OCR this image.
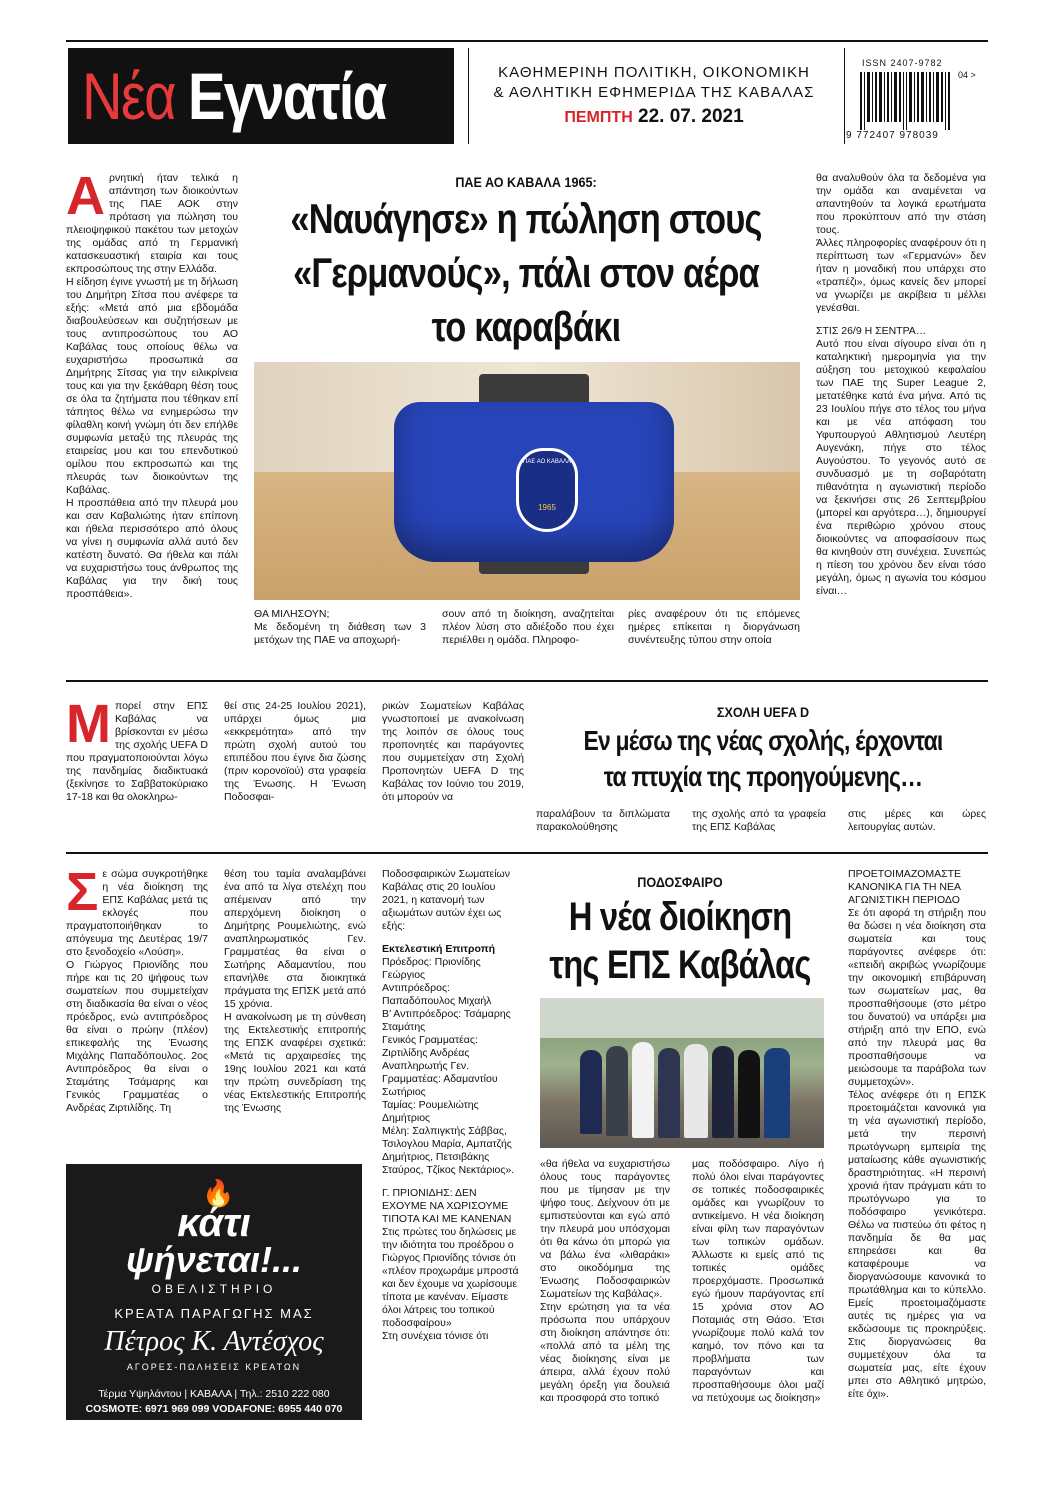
Νέα Εγνατία	ΚΑΘΗΜΕΡΙΝΗ ΠΟΛΙΤΙΚΗ, ΟΙΚΟΝΟΜΙΚΗ
& ΑΘΛΗΤΙΚΗ ΕΦΗΜΕΡΙΔΑ ΤΗΣ ΚΑΒΑΛΑΣ
ΠΕΜΠΤΗ 22. 07. 2021
ISSN 2407-9782
04 >
9 772407 978039
Α ρνητική ήταν τελικά η απάντηση των διοικούντων της ΠΑΕ ΑΟΚ στην πρόταση για πώληση του πλειοψηφικού πακέτου των μετοχών της ομάδας από τη Γερμανική κατασκευαστική εταιρία και τους εκπροσώπους της στην Ελλάδα.

Η είδηση έγινε γνωστή με τη δήλωση του Δημήτρη Σίτσα που ανέφερε τα εξής: «Μετά από μια εβδομάδα διαβουλεύσεων και συζητήσεων με τους αντιπροσώπους του ΑΟ Καβάλας τους οποίους θέλω να ευχαριστήσω προσωπικά σα Δημήτρης Σίτσας για την ειλικρίνεια τους και για την ξεκάθαρη θέση τους σε όλα τα ζητήματα που τέθηκαν επί τάπητος θέλω να ενημερώσω την φίλαθλη κοινή γνώμη ότι δεν επήλθε συμφωνία μεταξύ της πλευράς της εταιρείας μου και του επενδυτικού ομίλου που εκπροσωπώ και της πλευράς των διοικούντων της Καβάλας.

Η προσπάθεια από την πλευρά μου και σαν Καβαλιώτης ήταν επίπονη και ήθελα περισσότερο από όλους να γίνει η συμφωνία αλλά αυτό δεν κατέστη δυνατό. Θα ήθελα και πάλι να ευχαριστήσω τους άνθρωπος της Καβάλας για την δική τους προσπάθεια».

ΠΑΕ ΑΟ ΚΑΒΑΛΑ 1965:
«Ναυάγησε» η πώληση στους
«Γερμανούς», πάλι στον αέρα
το καραβάκι
ΠΑΕ ΑΟ ΚΑΒΑΛΑ
1965

ΘΑ ΜΙΛΗΣΟΥΝ;

Με δεδομένη τη διάθεση των 3 μετόχων της ΠΑΕ να αποχωρή-

σουν από τη διοίκηση, αναζητείται πλέον λύση στο αδιέξοδο που έχει περιέλθει η ομάδα. Πληροφο-

ρίες αναφέρουν ότι τις επόμενες ημέρες επίκειται η διοργάνωση συνέντευξης τύπου στην οποία

θα αναλυθούν όλα τα δεδομένα για την ομάδα και αναμένεται να απαντηθούν τα λογικά ερωτήματα που προκύπτουν από την στάση τους.

Άλλες πληροφορίες αναφέρουν ότι η περίπτωση των «Γερμανών» δεν ήταν η μοναδική που υπάρχει στο «τραπέζι», όμως κανείς δεν μπορεί να γνωρίζει με ακρίβεια τι μέλλει γενέσθαι.

ΣΤΙΣ 26/9 Η ΣΕΝΤΡΑ…

Αυτό που είναι σίγουρο είναι ότι η καταληκτική ημερομηνία για την αύξηση του μετοχικού κεφαλαίου των ΠΑΕ της Super League 2, μετατέθηκε κατά ένα μήνα. Από τις 23 Ιουλίου πήγε στο τέλος του μήνα και με νέα απόφαση του Υφυπουργού Αθλητισμού Λευτέρη Αυγενάκη, πήγε στο τέλος Αυγούστου. Το γεγονός αυτό σε συνδυασμό με τη σοβαρότατη πιθανότητα η αγωνιστική περίοδο να ξεκινήσει στις 26 Σεπτεμβρίου (μπορεί και αργότερα…), δημιουργεί ένα περιθώριο χρόνου στους διοικούντες να αποφασίσουν πως θα κινηθούν στη συνέχεια. Συνεπώς η πίεση του χρόνου δεν είναι τόσο μεγάλη, όμως η αγωνία του κόσμου είναι…

Μ πορεί στην ΕΠΣ Καβάλας να βρίσκονται εν μέσω της σχολής UEFA D που πραγματοποιούνται λόγω της πανδημίας διαδικτυακά (ξεκίνησε το Σαββατοκύριακο 17-18 και θα ολοκληρω-

θεί στις 24-25 Ιουλίου 2021), υπάρχει όμως μια «εκκρεμότητα» από την πρώτη σχολή αυτού του επιπέδου που έγινε δια ζώσης (πριν κορονοϊού) στα γραφεία της Ένωσης. Η Ένωση Ποδοσφαι-

ρικών Σωματείων Καβάλας γνωστοποιεί με ανακοίνωση της λοιπόν σε όλους τους προπονητές και παράγοντες που συμμετείχαν στη Σχολή Προπονητών UEFA D της Καβάλας τον Ιούνιο του 2019, ότι μπορούν να

ΣΧΟΛΗ UEFA D
Εν μέσω της νέας σχολής, έρχονται
τα πτυχία της προηγούμενης…

παραλάβουν τα διπλώματα παρακολούθησης

της σχολής από τα γραφεία της ΕΠΣ Καβάλας

στις μέρες και ώρες λειτουργίας αυτών.

Σ ε σώμα συγκροτήθηκε η νέα διοίκηση της ΕΠΣ Καβάλας μετά τις εκλογές που πραγματοποιήθηκαν το απόγευμα της Δευτέρας 19/7 στο ξενοδοχείο «Λούση».

Ο Γιώργος Πριονίδης που πήρε και τις 20 ψήφους των σωματείων που συμμετείχαν στη διαδικασία θα είναι ο νέος πρόεδρος, ενώ αντιπρόεδρος θα είναι ο πρώην (πλέον) επικεφαλής της Ένωσης Μιχάλης Παπαδόπουλος. 2ος Αντιπρόεδρος θα είναι ο Σταμάτης Τσάμαρης και Γενικός Γραμματέας ο Ανδρέας Ζιρτιλίδης. Τη

θέση του ταμία αναλαμβάνει ένα από τα λίγα στελέχη που απέμειναν από την απερχόμενη διοίκηση ο Δημήτρης Ρουμελιώτης, ενώ αναπληρωματικός Γεν. Γραμματέας θα είναι ο Σωτήρης Αδαμαντίου, που επανήλθε στα διοικητικά πράγματα της ΕΠΣΚ μετά από 15 χρόνια.

Η ανακοίνωση με τη σύνθεση της Εκτελεστικής επιτροπής της ΕΠΣΚ αναφέρει σχετικά: «Μετά τις αρχαιρεσίες της 19ης Ιουλίου 2021 και κατά την πρώτη συνεδρίαση της νέας Εκτελεστικής Επιτροπής της Ένωσης

Ποδοσφαιρικών Σωματείων Καβάλας στις 20 Ιουλίου 2021, η κατανομή των αξιωμάτων αυτών έχει ως εξής:

Εκτελεστική Επιτροπή

Πρόεδρος: Πριονίδης Γεώργιος

Αντιπρόεδρος: Παπαδόπουλος Μιχαήλ

Β’ Αντιπρόεδρος: Τσάμαρης Σταμάτης

Γενικός Γραμματέας: Ζιρτιλίδης Ανδρέας

Αναπληρωτής Γεν. Γραμματέας: Αδαμαντίου Σωτήριος

Ταμίας: Ρουμελιώτης Δημήτριος

Μέλη: Σαλπιγκτής Σάββας, Τσιλογλου Μαρία, Αμπατζής Δημήτριος, Πετσιβάκης Σταύρος, Τζίκος Νεκτάριος».

Γ. ΠΡΙΟΝΙΔΗΣ: ΔΕΝ ΕΧΟΥΜΕ ΝΑ ΧΩΡΙΣΟΥΜΕ ΤΙΠΟΤΑ ΚΑΙ ΜΕ ΚΑΝΕΝΑΝ

Στις πρώτες του δηλώσεις με την ιδιότητα του προέδρου ο Γιώργος Πριονίδης τόνισε ότι «πλέον προχωράμε μπροστά και δεν έχουμε να χωρίσουμε τίποτα με κανέναν. Είμαστε όλοι λάτρεις του τοπικού ποδοσφαίρου»

Στη συνέχεια τόνισε ότι

ΠΟΔΟΣΦΑΙΡΟ
Η νέα διοίκηση
της ΕΠΣ Καβάλας

«θα ήθελα να ευχαριστήσω όλους τους παράγοντες που με τίμησαν με την ψήφο τους. Δείχνουν ότι με εμπιστεύονται και εγώ από την πλευρά μου υπόσχομαι ότι θα κάνω ότι μπορώ για να βάλω ένα «λιθαράκι» στο οικοδόμημα της Ένωσης Ποδοσφαιρικών Σωματείων της Καβάλας».

Στην ερώτηση για τα νέα πρόσωπα που υπάρχουν στη διοίκηση απάντησε ότι: «πολλά από τα μέλη της νέας διοίκησης είναι με άπειρα, αλλά έχουν πολύ μεγάλη όρεξη για δουλειά και προσφορά στο τοπικό

μας ποδόσφαιρο. Λίγο ή πολύ όλοι είναι παράγοντες σε τοπικές ποδοσφαιρικές ομάδες και γνωρίζουν το αντικείμενο. Η νέα διοίκηση είναι φίλη των παραγόντων των τοπικών ομάδων. Άλλωστε κι εμείς από τις τοπικές ομάδες προερχόμαστε. Προσωπικά εγώ ήμουν παράγοντας επί 15 χρόνια στον ΑΟ Ποταμιάς στη Θάσο. Έτσι γνωρίζουμε πολύ καλά τον καημό, τον πόνο και τα προβλήματα των παραγόντων και προσπαθήσουμε όλοι μαζί να πετύχουμε ως διοίκηση»

ΠΡΟΕΤΟΙΜΑΖΟΜΑΣΤΕ ΚΑΝΟΝΙΚΑ ΓΙΑ ΤΗ ΝΕΑ ΑΓΩΝΙΣΤΙΚΗ ΠΕΡΙΟΔΟ

Σε ότι αφορά τη στήριξη που θα δώσει η νέα διοίκηση στα σωματεία και τους παράγοντες ανέφερε ότι: «επειδή ακριβώς γνωρίζουμε την οικονομική επιβάρυνση των σωματείων μας, θα προσπαθήσουμε (στο μέτρο του δυνατού) να υπάρξει μια στήριξη από την ΕΠΟ, ενώ από την πλευρά μας θα προσπαθήσουμε να μειώσουμε τα παράβολα των συμμετοχών».

Τέλος ανέφερε ότι η ΕΠΣΚ προετοιμάζεται κανονικά για τη νέα αγωνιστική περίοδο, μετά την περσινή πρωτόγνωρη εμπειρία της ματαίωσης κάθε αγωνιστικής δραστηριότητας. «Η περσινή χρονιά ήταν πράγματι κάτι το πρωτόγνωρο για το ποδόσφαιρο γενικότερα. Θέλω να πιστεύω ότι φέτος η πανδημία δε θα μας επηρεάσει και θα καταφέρουμε να διοργανώσουμε κανονικά το πρωτάθλημα και το κύπελλο. Εμείς προετοιμαζόμαστε αυτές τις ημέρες για να εκδώσουμε τις προκηρύξεις. Στις διοργανώσεις θα συμμετέχουν όλα τα σωματεία μας, είτε έχουν μπει στο Αθλητικό μητρώο, είτε όχι».

🔥
κάτι
ψήνεται!...
ΟΒΕΛΙΣΤΗΡΙΟ
ΚΡΕΑΤΑ ΠΑΡΑΓΩΓΗΣ ΜΑΣ
Πέτρος Κ. Αντέσχος
ΑΓΟΡΕΣ-ΠΩΛΗΣΕΙΣ ΚΡΕΑΤΩΝ
Τέρμα Υψηλάντου | ΚΑΒΑΛΑ | Τηλ.: 2510 222 080
COSMOTE: 6971 969 099 VODAFONE: 6955 440 070
